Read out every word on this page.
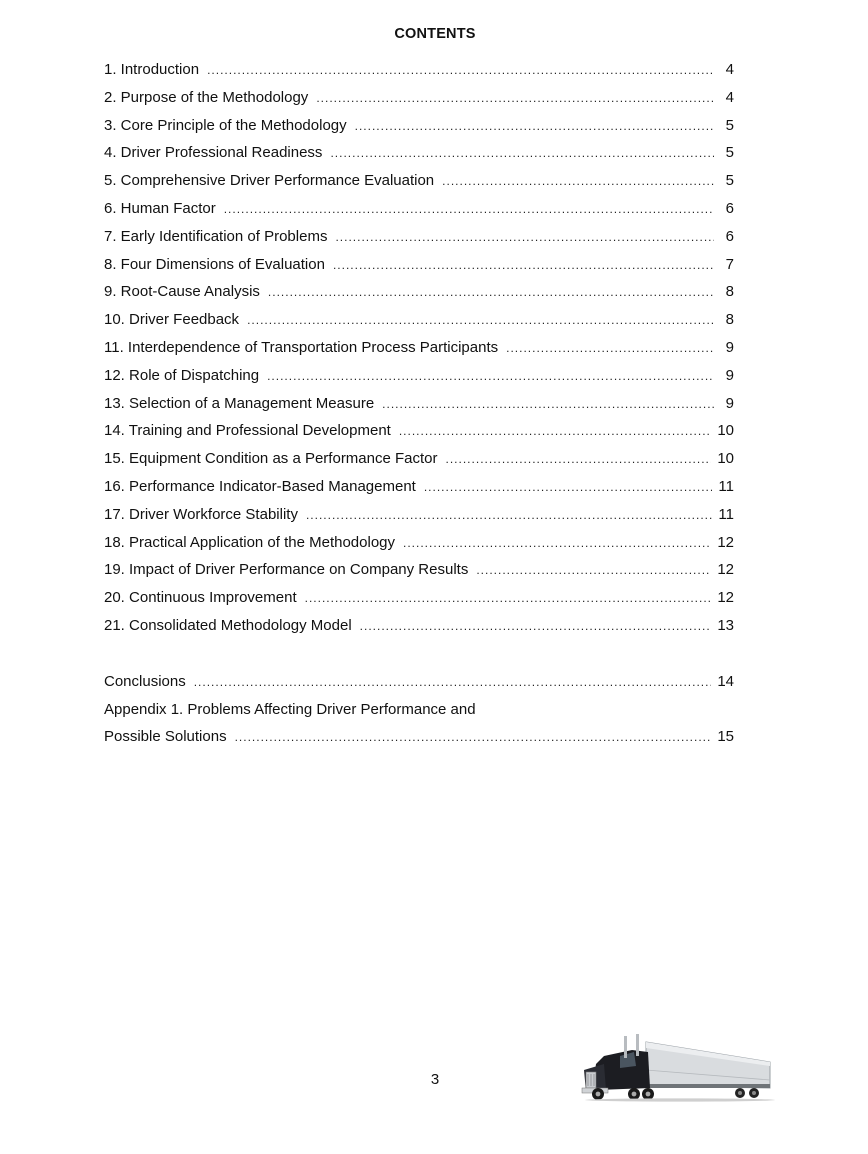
CONTENTS
1. Introduction .....	4
2. Purpose of the Methodology .....	4
3. Core Principle of the Methodology .....	5
4. Driver Professional Readiness .....	5
5. Comprehensive Driver Performance Evaluation .....	5
6. Human Factor .....	6
7. Early Identification of Problems .....	6
8. Four Dimensions of Evaluation .....	7
9. Root-Cause Analysis .....	8
10. Driver Feedback .....	8
11. Interdependence of Transportation Process Participants .....	9
12. Role of Dispatching .....	9
13. Selection of a Management Measure .....	9
14. Training and Professional Development .....	10
15. Equipment Condition as a Performance Factor .....	10
16. Performance Indicator-Based Management .....	11
17. Driver Workforce Stability .....	11
18. Practical Application of the Methodology .....	12
19. Impact of Driver Performance on Company Results .....	12
20. Continuous Improvement .....	12
21. Consolidated Methodology Model .....	13
Conclusions .....	14
Appendix 1. Problems Affecting Driver Performance and
Possible Solutions .....	15
3
